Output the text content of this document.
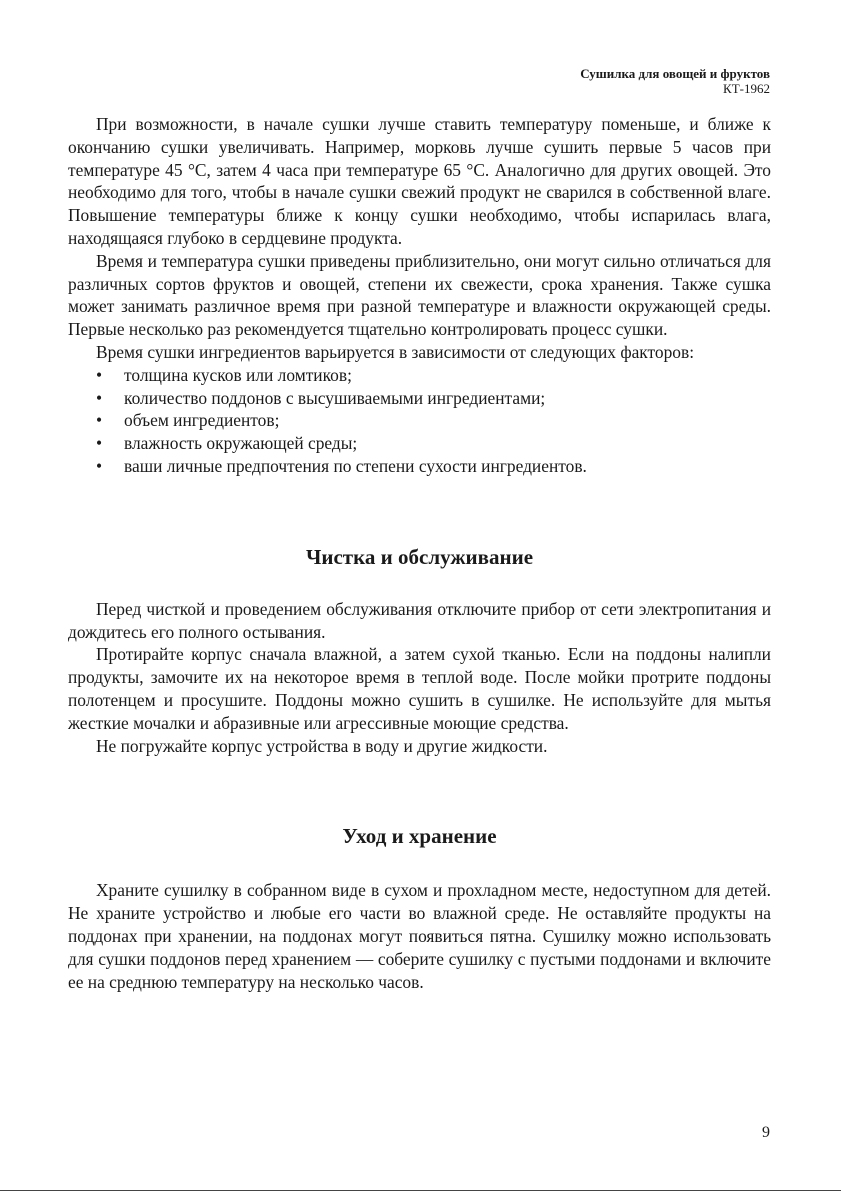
Сушилка для овощей и фруктов
КТ-1962

При возможности, в начале сушки лучше ставить температуру поменьше, и ближе к окончанию сушки увеличивать. Например, морковь лучше сушить первые 5 часов при температуре 45 °C, затем 4 часа при температуре 65 °C. Аналогично для других овощей. Это необходимо для того, чтобы в начале сушки свежий продукт не сварился в собственной влаге. Повышение температуры ближе к концу сушки необходимо, чтобы испарилась влага, находящаяся глубоко в сердцевине продукта.

Время и температура сушки приведены приблизительно, они могут сильно отличаться для различных сортов фруктов и овощей, степени их свежести, срока хранения. Также сушка может занимать различное время при разной температуре и влажности окружающей среды. Первые несколько раз рекомендуется тщательно контролировать процесс сушки.

Время сушки ингредиентов варьируется в зависимости от следующих факторов:

• толщина кусков или ломтиков;
• количество поддонов с высушиваемыми ингредиентами;
• объем ингредиентов;
• влажность окружающей среды;
• ваши личные предпочтения по степени сухости ингредиентов.
Чистка и обслуживание

Перед чисткой и проведением обслуживания отключите прибор от сети электропитания и дождитесь его полного остывания.

Протирайте корпус сначала влажной, а затем сухой тканью. Если на поддоны налипли продукты, замочите их на некоторое время в теплой воде. После мойки протрите поддоны полотенцем и просушите. Поддоны можно сушить в сушилке. Не используйте для мытья жесткие мочалки и абразивные или агрессивные моющие средства.

Не погружайте корпус устройства в воду и другие жидкости.

Уход и хранение

Храните сушилку в собранном виде в сухом и прохладном месте, недоступном для детей. Не храните устройство и любые его части во влажной среде. Не оставляйте продукты на поддонах при хранении, на поддонах могут появиться пятна. Сушилку можно использовать для сушки поддонов перед хранением — соберите сушилку с пустыми поддонами и включите ее на среднюю температуру на несколько часов.

9
